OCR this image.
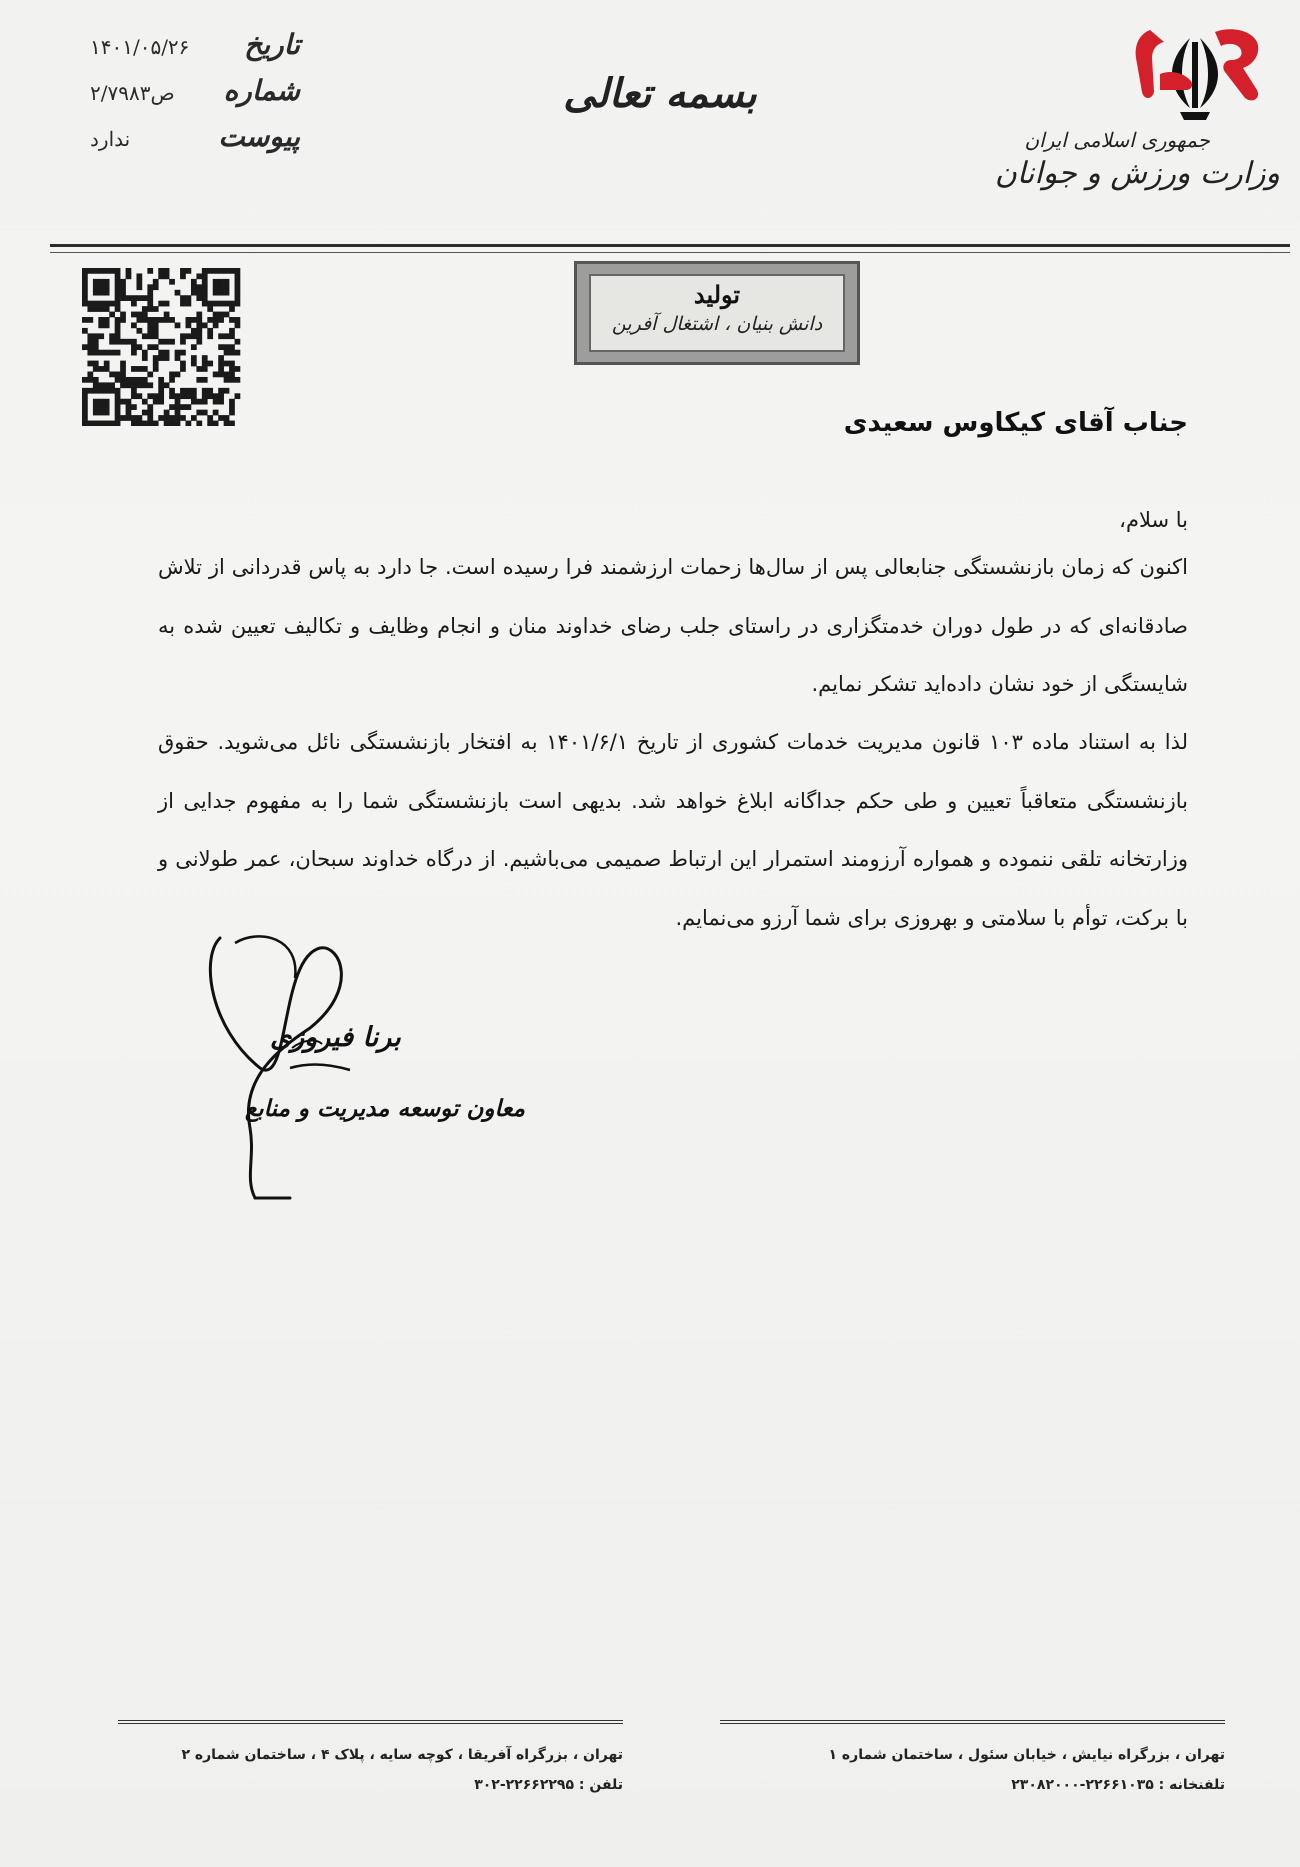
تاریخ
۱۴۰۱/۰۵/۲۶
شماره
۲/۷۹۸۳ص
پیوست
ندارد
بسمه تعالی	رکنا
جمهوری اسلامی ایران
وزارت ورزش و جوانان
تولید
دانش بنیان ، اشتغال آفرین
جناب آقای کیکاوس سعیدی
با سلام،
اکنون که زمان بازنشستگی جنابعالی پس از سال‌ها زحمات ارزشمند فرا رسیده است. جا دارد به پاس قدردانی از تلاش صادقانه‌ای که در طول دوران خدمتگزاری در راستای جلب رضای خداوند منان و انجام وظایف و تکالیف تعیین شده به شایستگی از خود نشان داده‌اید تشکر نمایم.
لذا به استناد ماده ۱۰۳ قانون مدیریت خدمات کشوری از تاریخ ۱۴۰۱/۶/۱ به افتخار بازنشستگی نائل می‌شوید. حقوق بازنشستگی متعاقباً تعیین و طی حکم جداگانه ابلاغ خواهد شد. بدیهی است بازنشستگی شما را به مفهوم جدایی از وزارتخانه تلقی ننموده و همواره آرزومند استمرار این ارتباط صمیمی می‌باشیم. از درگاه خداوند سبحان، عمر طولانی و با برکت، توأم با سلامتی و بهروزی برای شما آرزو می‌نمایم.
برنا فیروزی
معاون توسعه مدیریت و منابع
تهران ، بزرگراه آفریقا ، کوچه سایه ، پلاک ۴ ، ساختمان شماره ۲
تلفن : ۲۲۶۶۲۲۹۵-۳۰۲
تهران ، بزرگراه نیایش ، خیابان سئول ، ساختمان شماره ۱
تلفنخانه : ۲۲۶۶۱۰۳۵-۲۳۰۸۲۰۰۰
